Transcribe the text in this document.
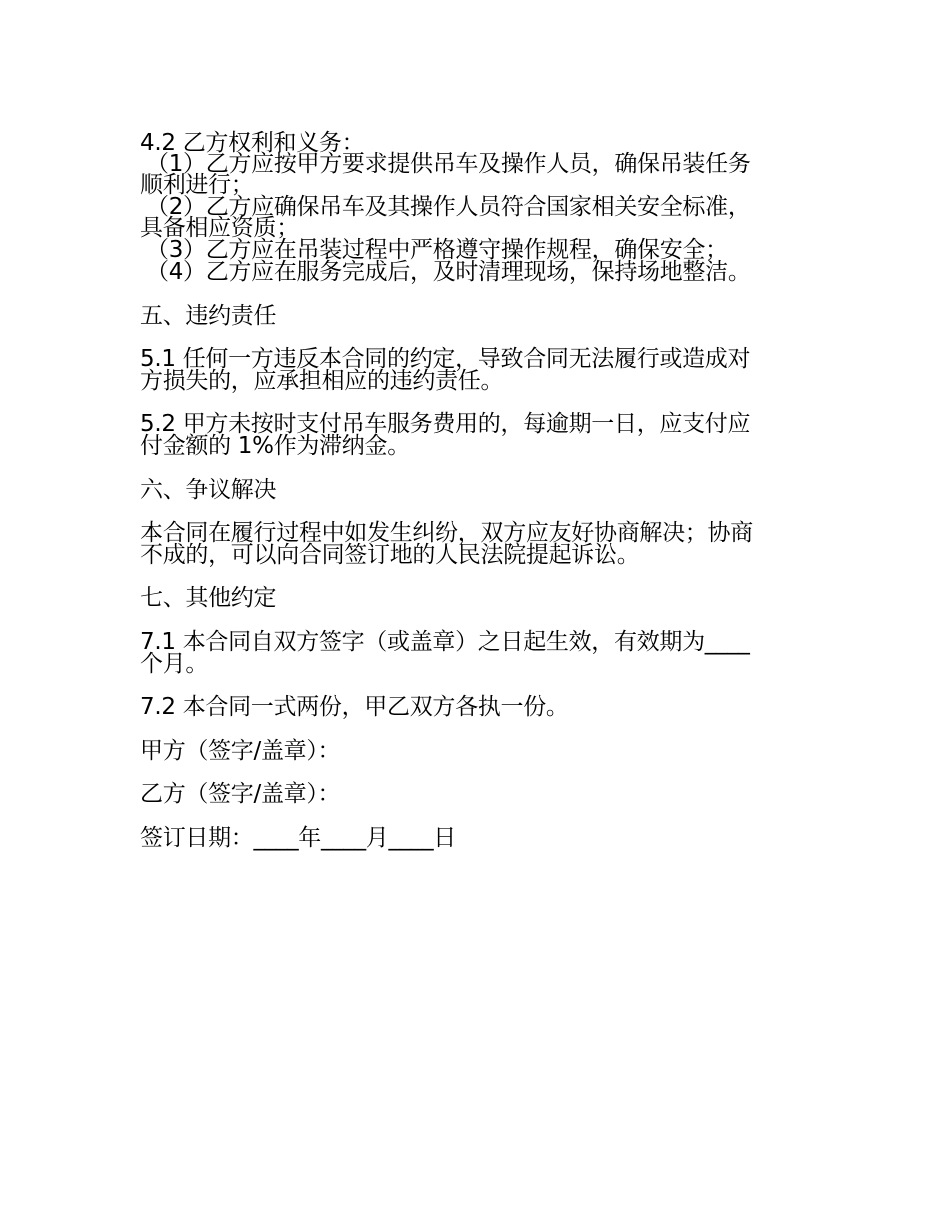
4.2 乙方权利和义务：
（1）乙方应按甲方要求提供吊车及操作人员，确保吊装任务
顺利进行；
（2）乙方应确保吊车及其操作人员符合国家相关安全标准，
具备相应资质；
（3）乙方应在吊装过程中严格遵守操作规程，确保安全；
（4）乙方应在服务完成后，及时清理现场，保持场地整洁。
五、违约责任
5.1 任何一方违反本合同的约定，导致合同无法履行或造成对
方损失的，应承担相应的违约责任。
5.2 甲方未按时支付吊车服务费用的，每逾期一日，应支付应
付金额的 1%作为滞纳金。
六、争议解决
本合同在履行过程中如发生纠纷，双方应友好协商解决；协商
不成的，可以向合同签订地的人民法院提起诉讼。
七、其他约定
7.1 本合同自双方签字（或盖章）之日起生效，有效期为____
个月。
7.2 本合同一式两份，甲乙双方各执一份。
甲方（签字/盖章）：
乙方（签字/盖章）：
签订日期：____年____月____日
